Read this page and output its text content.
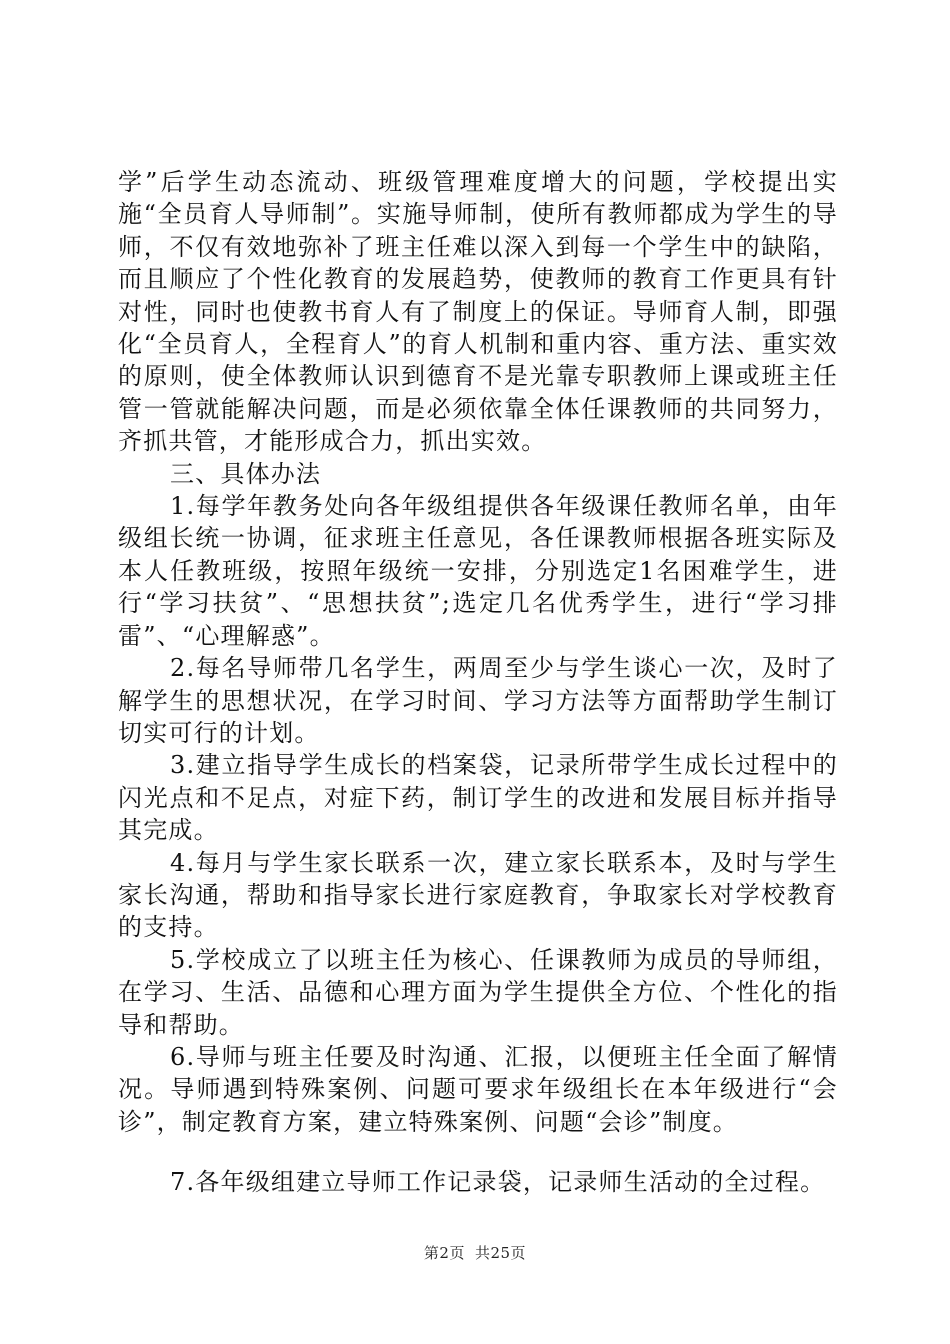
学”后学生动态流动、班级管理难度增大的问题，学校提出实施“全员育人导师制”。实施导师制，使所有教师都成为学生的导师，不仅有效地弥补了班主任难以深入到每一个学生中的缺陷，而且顺应了个性化教育的发展趋势，使教师的教育工作更具有针对性，同时也使教书育人有了制度上的保证。导师育人制，即强化“全员育人，全程育人”的育人机制和重内容、重方法、重实效的原则，使全体教师认识到德育不是光靠专职教师上课或班主任管一管就能解决问题，而是必须依靠全体任课教师的共同努力，齐抓共管，才能形成合力，抓出实效。

三、具体办法

1.每学年教务处向各年级组提供各年级课任教师名单，由年级组长统一协调，征求班主任意见，各任课教师根据各班实际及本人任教班级，按照年级统一安排，分别选定1名困难学生，进行“学习扶贫”、“思想扶贫”;选定几名优秀学生，进行“学习排雷”、“心理解惑”。

2.每名导师带几名学生，两周至少与学生谈心一次，及时了解学生的思想状况，在学习时间、学习方法等方面帮助学生制订切实可行的计划。

3.建立指导学生成长的档案袋，记录所带学生成长过程中的闪光点和不足点，对症下药，制订学生的改进和发展目标并指导其完成。

4.每月与学生家长联系一次，建立家长联系本，及时与学生家长沟通，帮助和指导家长进行家庭教育，争取家长对学校教育的支持。

5.学校成立了以班主任为核心、任课教师为成员的导师组，在学习、生活、品德和心理方面为学生提供全方位、个性化的指导和帮助。

6.导师与班主任要及时沟通、汇报，以便班主任全面了解情况。导师遇到特殊案例、问题可要求年级组长在本年级进行“会诊”，制定教育方案，建立特殊案例、问题“会诊”制度。

7.各年级组建立导师工作记录袋，记录师生活动的全过程。

第2页 共25页
